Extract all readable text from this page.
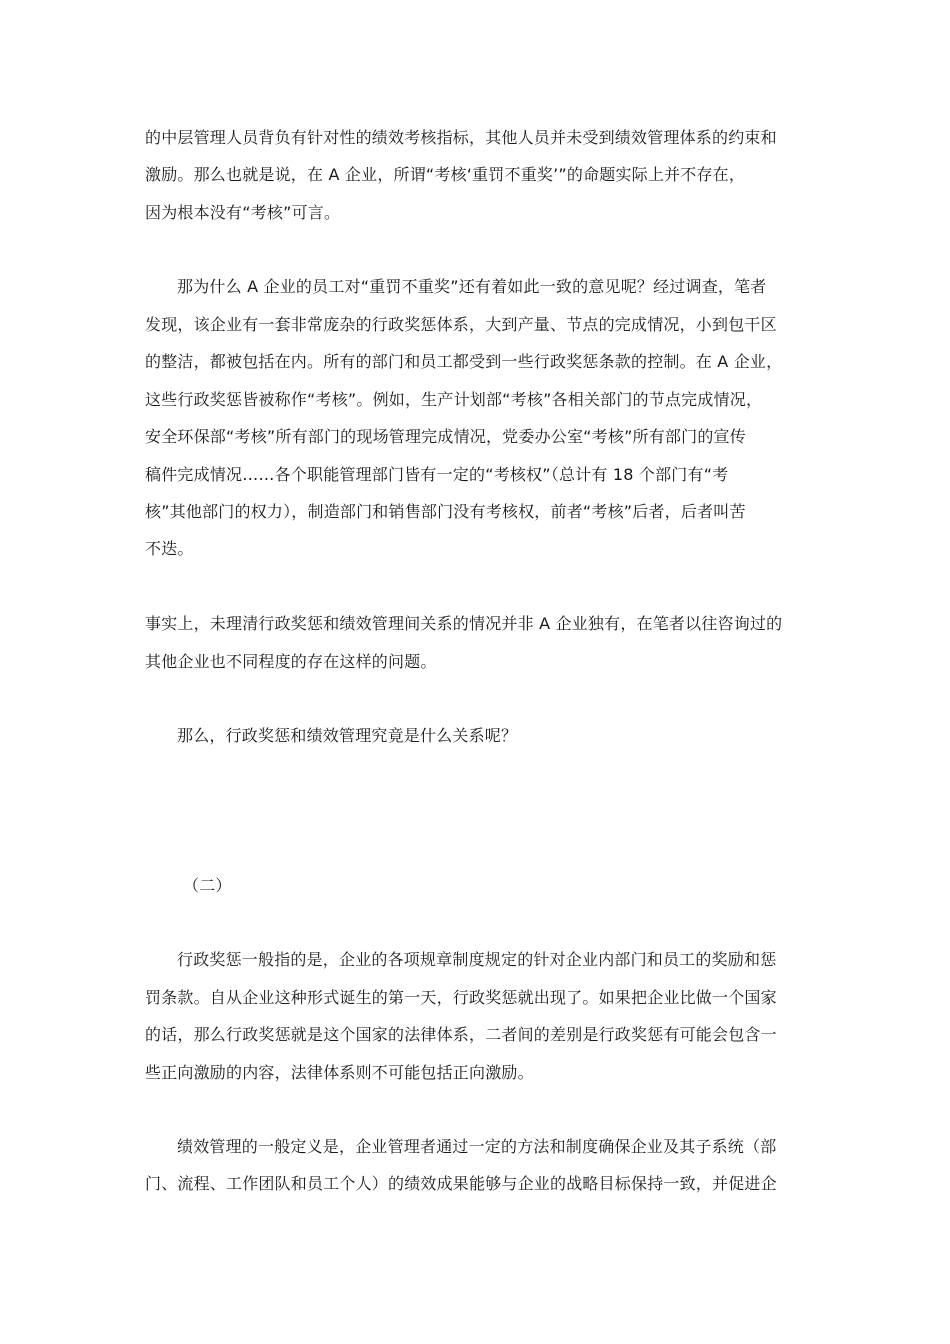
的中层管理人员背负有针对性的绩效考核指标，其他人员并未受到绩效管理体系的约束和
激励。那么也就是说，在 A 企业，所谓“考核‘重罚不重奖’”的命题实际上并不存在，
因为根本没有“考核”可言。
那为什么 A 企业的员工对“重罚不重奖”还有着如此一致的意见呢？经过调查，笔者
发现，该企业有一套非常庞杂的行政奖惩体系，大到产量、节点的完成情况，小到包干区
的整洁，都被包括在内。所有的部门和员工都受到一些行政奖惩条款的控制。在 A 企业，
这些行政奖惩皆被称作“考核”。例如，生产计划部“考核”各相关部门的节点完成情况，
安全环保部“考核”所有部门的现场管理完成情况，党委办公室“考核”所有部门的宣传
稿件完成情况……各个职能管理部门皆有一定的“考核权”（总计有 18 个部门有“考
核”其他部门的权力），制造部门和销售部门没有考核权，前者“考核”后者，后者叫苦
不迭。
事实上，未理清行政奖惩和绩效管理间关系的情况并非 A 企业独有，在笔者以往咨询过的
其他企业也不同程度的存在这样的问题。
那么，行政奖惩和绩效管理究竟是什么关系呢？
（二）
行政奖惩一般指的是，企业的各项规章制度规定的针对企业内部门和员工的奖励和惩
罚条款。自从企业这种形式诞生的第一天，行政奖惩就出现了。如果把企业比做一个国家
的话，那么行政奖惩就是这个国家的法律体系，二者间的差别是行政奖惩有可能会包含一
些正向激励的内容，法律体系则不可能包括正向激励。
绩效管理的一般定义是，企业管理者通过一定的方法和制度确保企业及其子系统（部
门、流程、工作团队和员工个人）的绩效成果能够与企业的战略目标保持一致，并促进企
